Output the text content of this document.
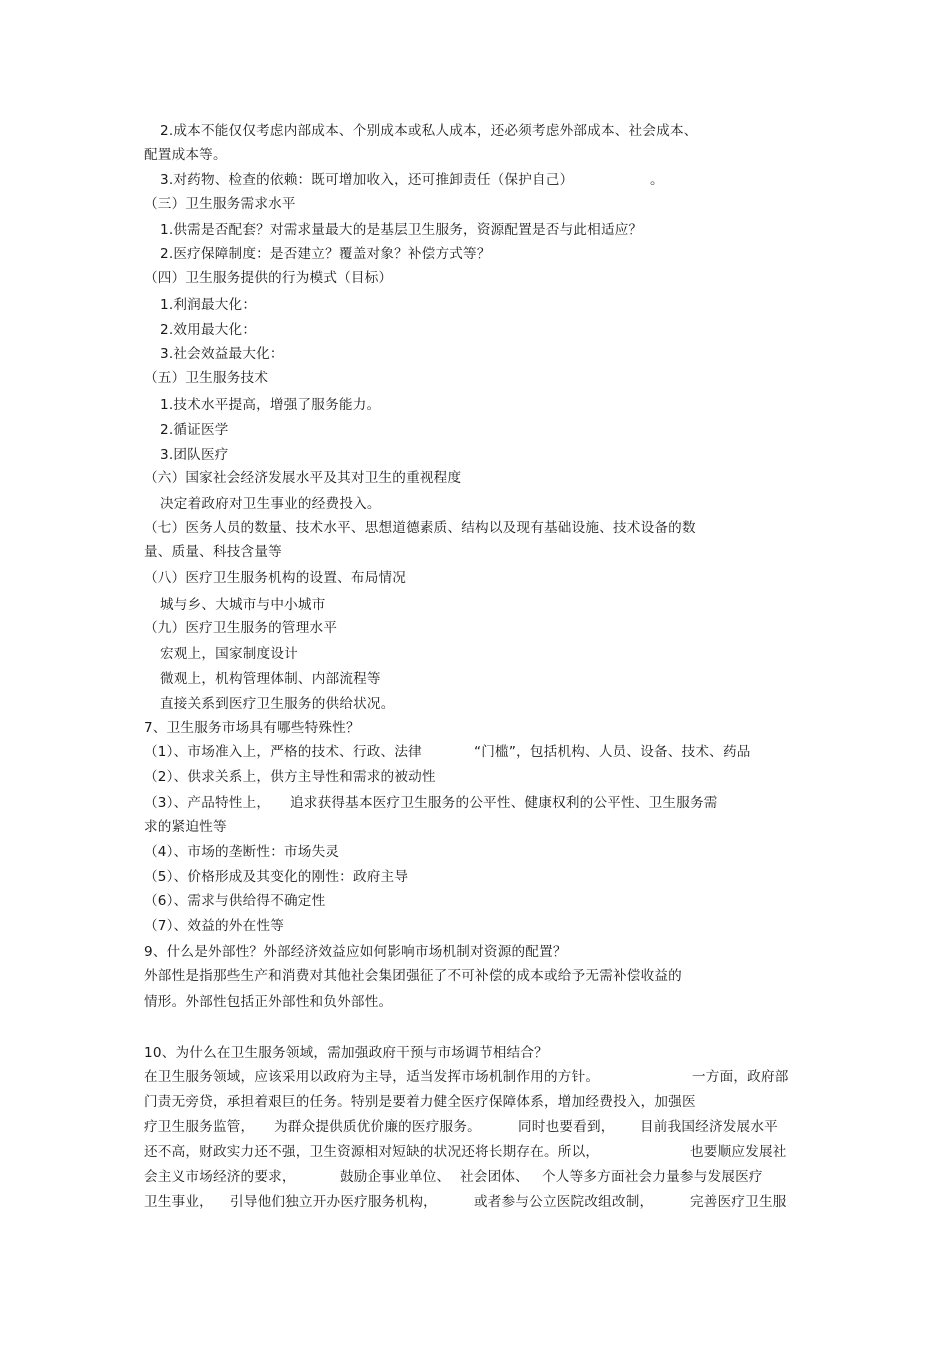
2.成本不能仅仅考虑内部成本、个别成本或私人成本，还必须考虑外部成本、社会成本、
配置成本等。
3.对药物、检查的依赖：既可增加收入，还可推卸责任（保护自己）	。
（三）卫生服务需求水平
1.供需是否配套？对需求量最大的是基层卫生服务，资源配置是否与此相适应？
2.医疗保障制度：是否建立？覆盖对象？补偿方式等？
（四）卫生服务提供的行为模式（目标）
1.利润最大化：
2.效用最大化：
3.社会效益最大化：
（五）卫生服务技术
1.技术水平提高，增强了服务能力。
2.循证医学
3.团队医疗
（六）国家社会经济发展水平及其对卫生的重视程度
决定着政府对卫生事业的经费投入。
（七）医务人员的数量、技术水平、思想道德素质、结构以及现有基础设施、技术设备的数
量、质量、科技含量等
（八）医疗卫生服务机构的设置、布局情况
城与乡、大城市与中小城市
（九）医疗卫生服务的管理水平
宏观上，国家制度设计
微观上，机构管理体制、内部流程等
直接关系到医疗卫生服务的供给状况。
7、卫生服务市场具有哪些特殊性？
（1）、市场准入上，严格的技术、行政、法律	“门槛”，包括机构、人员、设备、技术、药品
（2）、供求关系上，供方主导性和需求的被动性
（3）、产品特性上， 追求获得基本医疗卫生服务的公平性、健康权利的公平性、卫生服务需
求的紧迫性等
（4）、市场的垄断性：市场失灵
（5）、价格形成及其变化的刚性：政府主导
（6）、需求与供给得不确定性
（7）、效益的外在性等
9、什么是外部性？外部经济效益应如何影响市场机制对资源的配置？
外部性是指那些生产和消费对其他社会集团强征了不可补偿的成本或给予无需补偿收益的
情形。外部性包括正外部性和负外部性。
10、为什么在卫生服务领域，需加强政府干预与市场调节相结合？
在卫生服务领域，应该采用以政府为主导，适当发挥市场机制作用的方针。	一方面，政府部
门责无旁贷，承担着艰巨的任务。特别是要着力健全医疗保障体系，增加经费投入，加强医
疗卫生服务监管， 为群众提供质优价廉的医疗服务。	同时也要看到， 目前我国经济发展水平
还不高，财政实力还不强，卫生资源相对短缺的状况还将长期存在。所以，	也要顺应发展社
会主义市场经济的要求，	鼓励企事业单位、 社会团体、 个人等多方面社会力量参与发展医疗
卫生事业， 引导他们独立开办医疗服务机构，	或者参与公立医院改组改制，	完善医疗卫生服
